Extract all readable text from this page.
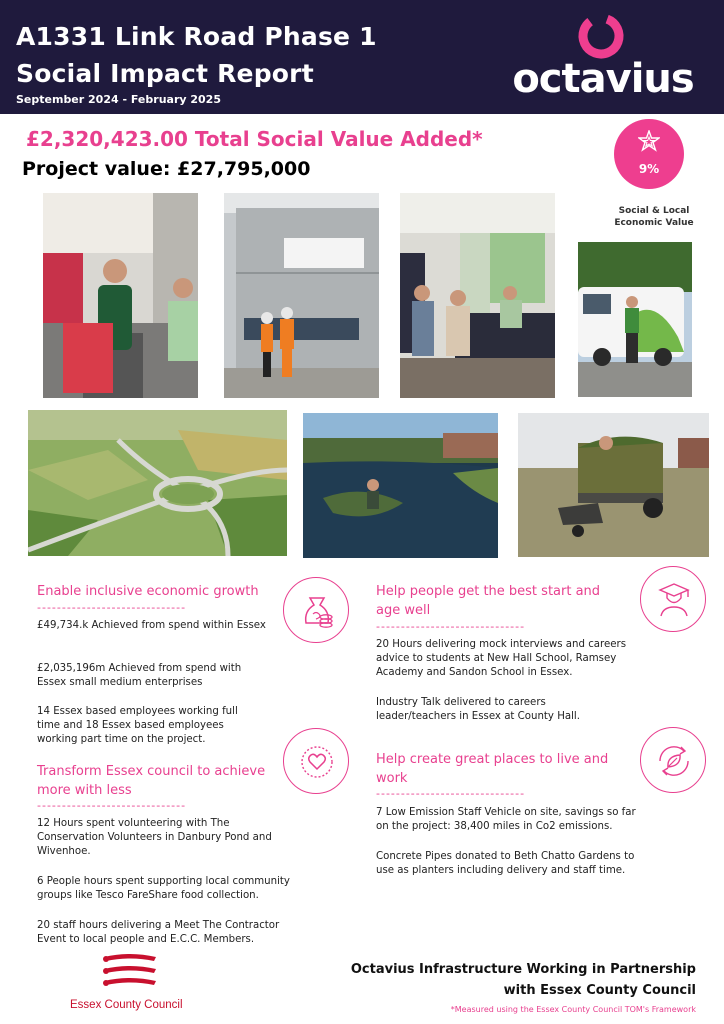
A1331 Link Road Phase 1
Social Impact Report
September 2024 - February 2025	octavius
£2,320,423.00 Total Social Value Added*
Project value: £27,795,000	9%
Social & Local
Economic Value
Enable inclusive economic growth
------------------------------
£49,734.k Achieved from spend within Essex
£2,035,196m Achieved from spend with Essex small medium enterprises
14 Essex based employees working full time and 18 Essex based employees working part time on the project.
Transform Essex council to achieve
more with less
------------------------------
12 Hours spent volunteering with The Conservation Volunteers in Danbury Pond and Wivenhoe.
6 People hours spent supporting local community groups like Tesco FareShare food collection.
20 staff hours delivering a Meet The Contractor Event to local people and E.C.C. Members.
Help people get the best start and
age well
------------------------------
20 Hours delivering mock interviews and careers advice to students at New Hall School, Ramsey Academy and Sandon School in Essex.
Industry Talk delivered to careers leader/teachers in Essex at County Hall.
Help create great places to live and
work
------------------------------
7 Low Emission Staff Vehicle on site, savings so far on the project: 38,400 miles in Co2 emissions.
Concrete Pipes donated to Beth Chatto Gardens to use as planters including delivery and staff time.
Essex County Council
Octavius Infrastructure Working in Partnership
with Essex County Council
*Measured using the Essex County Council TOM's Framework
